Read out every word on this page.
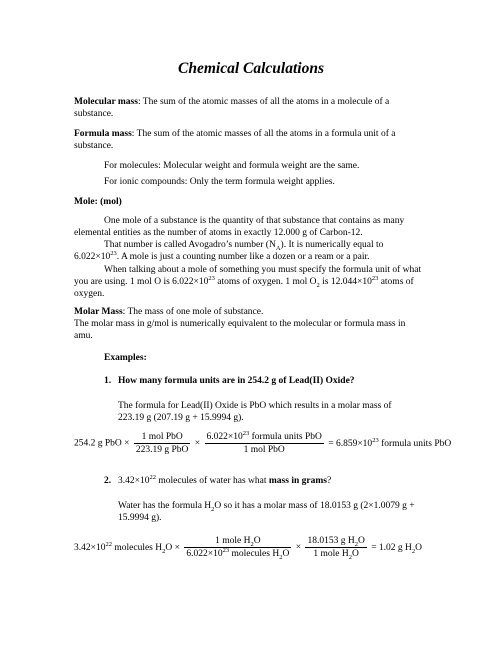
Chemical Calculations
Molecular mass: The sum of the atomic masses of all the atoms in a molecule of a substance.
Formula mass: The sum of the atomic masses of all the atoms in a formula unit of a substance.
For molecules: Molecular weight and formula weight are the same.
For ionic compounds: Only the term formula weight applies.
Mole: (mol)
One mole of a substance is the quantity of that substance that contains as many elemental entities as the number of atoms in exactly 12.000 g of Carbon-12.
That number is called Avogadro’s number $(N_A)$. It is numerically equal to
$6.022\times 10^{23}$. A mole is just a counting number like a dozen or a ream or a pair.
When talking about a mole of something you must specify the formula unit of what you are using. 1 mol O is $6.022\times 10^{23}$ atoms of oxygen. 1 mol $O_2$ is $12.044\times 10^{23}$ atoms of oxygen.
Molar Mass: The mass of one mole of substance.
The molar mass in g/mol is numerically equivalent to the molecular or formula mass in amu.
Examples:
1. How many formula units are in 254.2 g of Lead(II) Oxide?
The formula for Lead(II) Oxide is PbO which results in a molar mass of 223.19 g (207.19 g + 15.9994 g).
254.2 g PbO × $\frac{\text{1 mol PbO}}{\text{223.19 g PbO}} \times \frac{6.022\times 10^{23} formula units PbO}{\text{1 mol PbO}} = 6.859\times 10^{23}$ formula units PbO
2. $3.42\times 10^{22}$ molecules of water has what mass in grams?
Water has the formula $H_2O$ so it has a molar mass of 18.0153 g (2×1.0079 g + 15.9994 g).
$3.42\times 10^{22}$ molecules $H_2O \times \frac{1 mole H_2O}{6.022\times 10^{23} molecules H_2O} \times \frac{18.0153 g H_2O}{1 mole H_2O} = 1.02$ g $H_2O$
